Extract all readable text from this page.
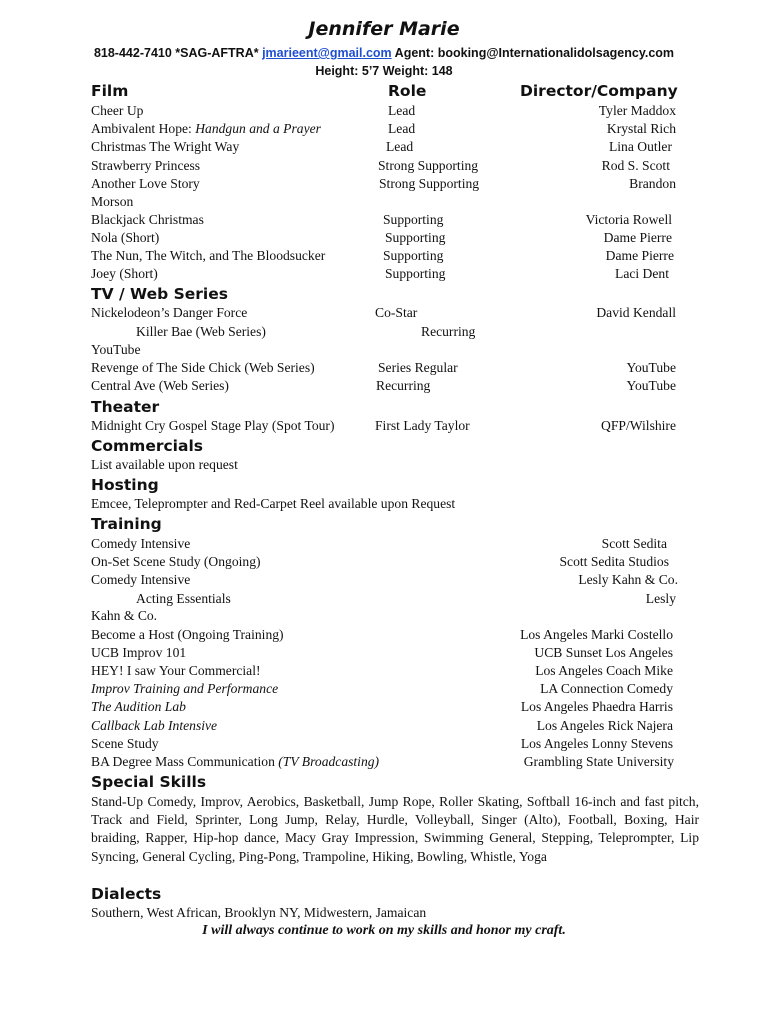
Jennifer Marie
818-442-7410 *SAG-AFTRA* jmarieent@gmail.com Agent: booking@Internationalidolsagency.com
Height: 5’7 Weight: 148
Film	Role	Director/Company
Cheer Up	Lead	Tyler Maddox
Ambivalent Hope: Handgun and a Prayer	Lead	Krystal Rich
Christmas The Wright Way	Lead	Lina Outler
Strawberry Princess	Strong Supporting	Rod S. Scott
Another Love Story	Strong Supporting	Brandon
Morson
Blackjack Christmas	Supporting	Victoria Rowell
Nola (Short)	Supporting	Dame Pierre
The Nun, The Witch, and The Bloodsucker	Supporting	Dame Pierre
Joey (Short)	Supporting	Laci Dent
TV / Web Series
Nickelodeon’s Danger Force	Co-Star	David Kendall
Killer Bae (Web Series)	Recurring
YouTube
Revenge of The Side Chick (Web Series)	Series Regular	YouTube
Central Ave (Web Series)	Recurring	YouTube
Theater
Midnight Cry Gospel Stage Play (Spot Tour)	First Lady Taylor	QFP/Wilshire
Commercials
List available upon request
Hosting
Emcee, Teleprompter and Red-Carpet Reel available upon Request
Training
Comedy Intensive	Scott Sedita
On-Set Scene Study (Ongoing)	Scott Sedita Studios
Comedy Intensive	Lesly Kahn & Co.
Acting Essentials	Lesly
Kahn & Co.
Become a Host (Ongoing Training)	Los Angeles Marki Costello
UCB Improv 101	UCB Sunset Los Angeles
HEY! I saw Your Commercial!	Los Angeles Coach Mike
Improv Training and Performance	LA Connection Comedy
The Audition Lab	Los Angeles Phaedra Harris
Callback Lab Intensive	Los Angeles Rick Najera
Scene Study	Los Angeles Lonny Stevens
BA Degree Mass Communication (TV Broadcasting)	Grambling State University
Special Skills
Stand-Up Comedy, Improv, Aerobics, Basketball, Jump Rope, Roller Skating, Softball 16-inch and fast pitch, Track and Field, Sprinter, Long Jump, Relay, Hurdle, Volleyball, Singer (Alto), Football, Boxing, Hair braiding, Rapper, Hip-hop dance, Macy Gray Impression, Swimming General, Stepping, Teleprompter, Lip Syncing, General Cycling, Ping-Pong, Trampoline, Hiking, Bowling, Whistle, Yoga
Dialects
Southern, West African, Brooklyn NY, Midwestern, Jamaican
I will always continue to work on my skills and honor my craft.
